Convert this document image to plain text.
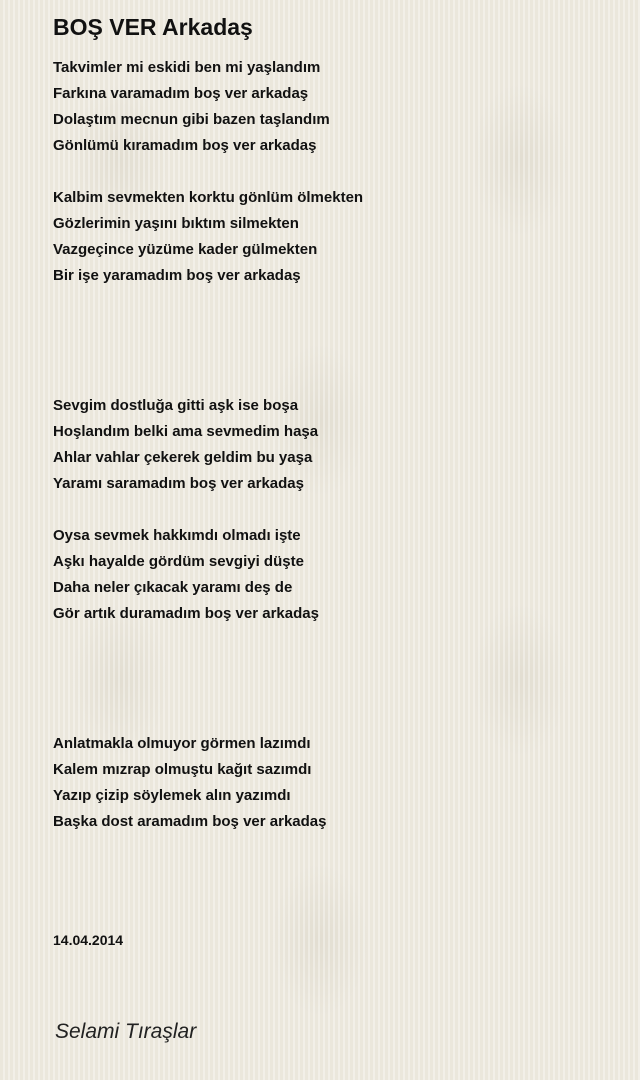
BOŞ VER Arkadaş
Takvimler mi eskidi ben mi yaşlandım
Farkına varamadım boş ver arkadaş
Dolaştım mecnun gibi bazen taşlandım
Gönlümü kıramadım boş ver arkadaş
Kalbim sevmekten korktu gönlüm ölmekten
Gözlerimin yaşını bıktım silmekten
Vazgeçince yüzüme kader gülmekten
Bir işe yaramadım boş ver arkadaş
Sevgim dostluğa gitti aşk ise boşa
Hoşlandım belki ama sevmedim haşa
Ahlar vahlar çekerek geldim bu yaşa
Yaramı saramadım boş ver arkadaş
Oysa sevmek hakkımdı olmadı işte
Aşkı hayalde gördüm sevgiyi düşte
Daha neler çıkacak yaramı deş de
Gör artık duramadım boş ver arkadaş
Anlatmakla olmuyor görmen lazımdı
Kalem mızrap olmuştu kağıt sazımdı
Yazıp çizip söylemek alın yazımdı
Başka dost aramadım boş ver arkadaş
14.04.2014
Selami Tıraşlar
